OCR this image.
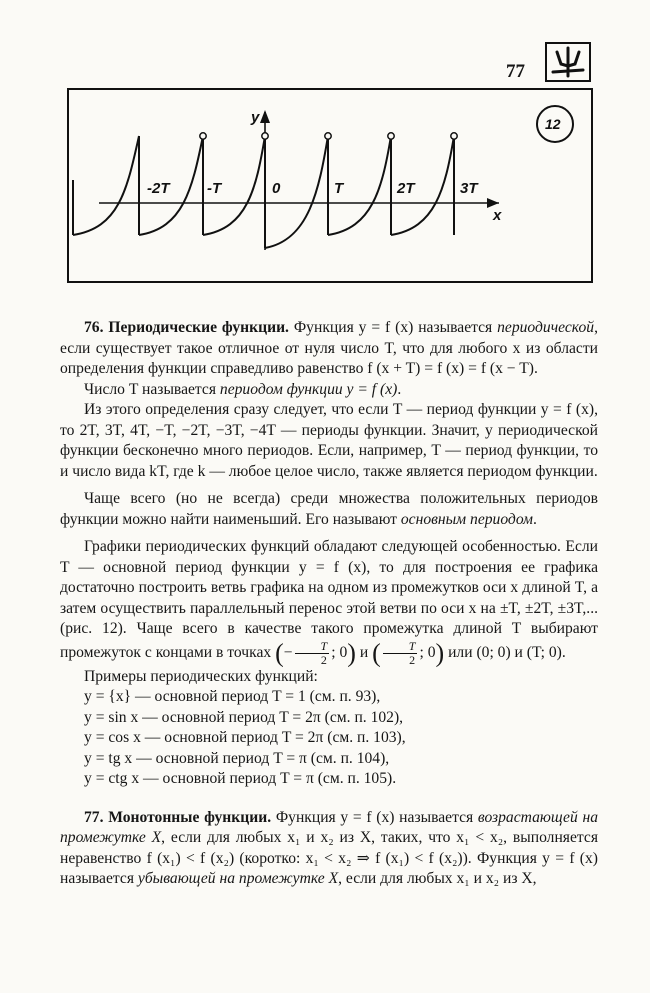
77
y
x
-2T	-T	0	T	2T	3T
12

76. Периодические функции. Функция y = f (x) называется периодической, если существует такое отличное от нуля число T, что для любого x из области определения функции справедливо равенство f (x + T) = f (x) = f (x − T).

Число T называется периодом функции y = f (x).

Из этого определения сразу следует, что если T — период функции y = f (x), то 2T, 3T, 4T, −T, −2T, −3T, −4T — периоды функции. Значит, у периодической функции бесконечно много периодов. Если, например, T — период функции, то и число вида kT, где k — любое целое число, также является периодом функции.

Чаще всего (но не всегда) среди множества положительных периодов функции можно найти наименьший. Его называют основным периодом.

Графики периодических функций обладают следующей особенностью. Если T — основной период функции y = f (x), то для построения ее графика достаточно построить ветвь графика на одном из промежутков оси x длиной T, а затем осуществить параллельный перенос этой ветви по оси x на ±T, ±2T, ±3T,... (рис. 12). Чаще всего в качестве такого промежутка длиной T выбирают промежуток с концами в точках (− $\frac{T}{2}$ ; 0) и ( $\frac{T}{2}$ ; 0) или (0; 0) и (T; 0).

Примеры периодических функций:

y = {x} — основной период T = 1 (см. п. 93),
y = sin x — основной период T = 2π (см. п. 102),
y = cos x — основной период T = 2π (см. п. 103),
y = tg x — основной период T = π (см. п. 104),
y = ctg x — основной период T = π (см. п. 105).

77. Монотонные функции. Функция y = f (x) называется возрастающей на промежутке X, если для любых x₁ и x₂ из X, таких, что x₁ < x₂, выполняется неравенство f (x₁) < f (x₂) (коротко: x₁ < x₂ ⇒ f (x₁) < f (x₂)). Функция y = f (x) называется убывающей на промежутке X, если для любых x₁ и x₂ из X,
